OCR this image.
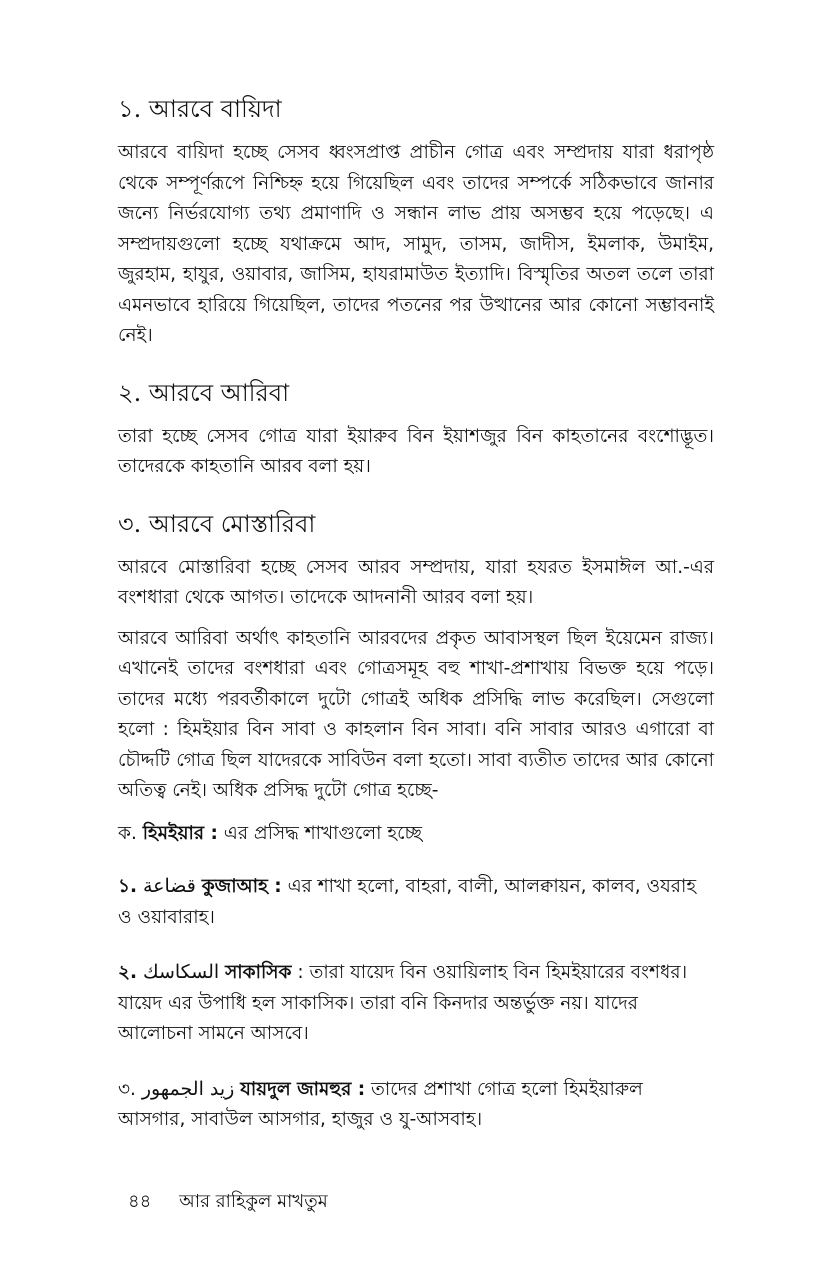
১. আরবে বায়িদা

আরবে বায়িদা হচ্ছে সেসব ধ্বংসপ্রাপ্ত প্রাচীন গোত্র এবং সম্প্রদায় যারা ধরাপৃষ্ঠ থেকে সম্পূর্ণরূপে নিশ্চিহ্ন হয়ে গিয়েছিল এবং তাদের সম্পর্কে সঠিকভাবে জানার জন্যে নির্ভরযোগ্য তথ্য প্রমাণাদি ও সন্ধান লাভ প্রায় অসম্ভব হয়ে পড়েছে। এ সম্প্রদায়গুলো হচ্ছে যথাক্রমে আদ, সামুদ, তাসম, জাদীস, ইমলাক, উমাইম, জুরহাম, হাযুর, ওয়াবার, জাসিম, হাযরামাউত ইত্যাদি। বিস্মৃতির অতল তলে তারা এমনভাবে হারিয়ে গিয়েছিল, তাদের পতনের পর উত্থানের আর কোনো সম্ভাবনাই নেই।

২. আরবে আরিবা

তারা হচ্ছে সেসব গোত্র যারা ইয়ারুব বিন ইয়াশজুর বিন কাহতানের বংশোদ্ভূত। তাদেরকে কাহতানি আরব বলা হয়।

৩. আরবে মোস্তারিবা

আরবে মোস্তারিবা হচ্ছে সেসব আরব সম্প্রদায়, যারা হযরত ইসমাঈল আ.-এর বংশধারা থেকে আগত। তাদেকে আদনানী আরব বলা হয়।

আরবে আরিবা অর্থাৎ কাহতানি আরবদের প্রকৃত আবাসস্থল ছিল ইয়েমেন রাজ্য। এখানেই তাদের বংশধারা এবং গোত্রসমূহ বহু শাখা-প্রশাখায় বিভক্ত হয়ে পড়ে। তাদের মধ্যে পরবর্তীকালে দুটো গোত্রই অধিক প্রসিদ্ধি লাভ করেছিল। সেগুলো হলো : হিমইয়ার বিন সাবা ও কাহলান বিন সাবা। বনি সাবার আরও এগারো বা চৌদ্দটি গোত্র ছিল যাদেরকে সাবিউন বলা হতো। সাবা ব্যতীত তাদের আর কোনো অতিত্ব নেই। অধিক প্রসিদ্ধ দুটো গোত্র হচ্ছে-

ক. হিমইয়ার : এর প্রসিদ্ধ শাখাগুলো হচ্ছে

১. قضاعة কুজাআহ : এর শাখা হলো, বাহরা, বালী, আলক্বায়ন, কালব, ওযরাহ ও ওয়াবারাহ।

২. السكاسك সাকাসিক : তারা যায়েদ বিন ওয়ায়িলাহ বিন হিমইয়ারের বংশধর। যায়েদ এর উপাধি হল সাকাসিক। তারা বনি কিনদার অন্তর্ভুক্ত নয়। যাদের আলোচনা সামনে আসবে।

৩. زيد الجمهور যায়দুল জামহুর : তাদের প্রশাখা গোত্র হলো হিমইয়ারুল আসগার, সাবাউল আসগার, হাজুর ও যু-আসবাহ।

৪৪ আর রাহিকুল মাখতুম
